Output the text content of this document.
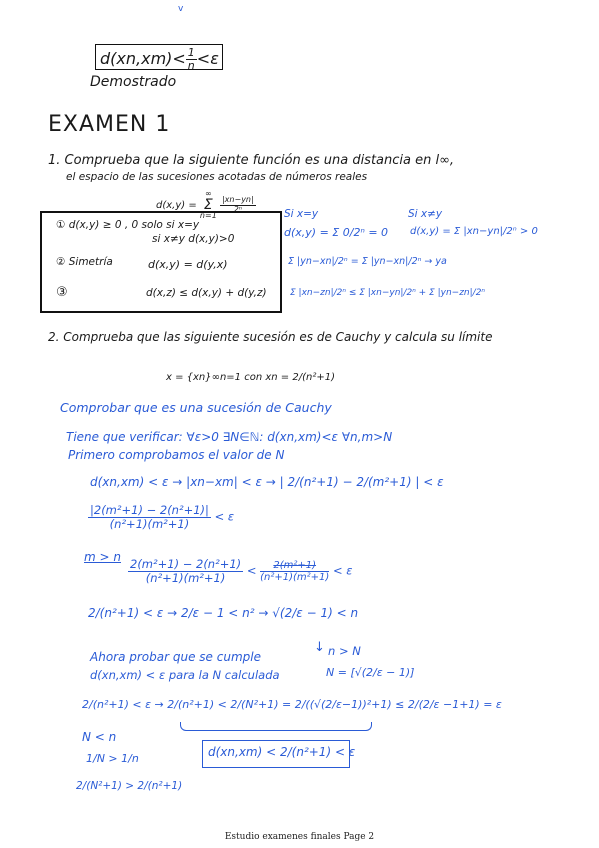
v
$d(xn,xm)< \frac{1}{n} <\varepsilon$
Demostrado
EXAMEN 1
1. Comprueba que la siguiente función es una distancia en l∞,
el espacio de las sucesiones acotadas de números reales
d(x,y) =
∞
Σ
n=1

$\frac{|xn-yn|}{\text{2ⁿ}}$
① d(x,y) ≥ 0 , 0 solo si x=y
si x≠y d(x,y)>0
② Simetría	d(x,y) = d(y,x)
③	d(x,z) ≤ d(x,y) + d(y,z)
Si x=y	Si x≠y
d(x,y) = Σ 0/2ⁿ = 0 d(x,y) = Σ |xn−yn|/2ⁿ > 0
Σ |yn−xn|/2ⁿ = Σ |yn−xn|/2ⁿ → ya
Σ |xn−zn|/2ⁿ ≤ Σ |xn−yn|/2ⁿ + Σ |yn−zn|/2ⁿ
2. Comprueba que las siguiente sucesión es de Cauchy y calcula su límite
x = {xn}∞n=1 con xn = 2/(n²+1)
Comprobar que es una sucesión de Cauchy
Tiene que verificar: ∀ε>0 ∃N∈ℕ: d(xn,xm)<ε ∀n,m>N
Primero comprobamos el valor de N
d(xn,xm) < ε → |xn−xm| < ε → | 2/(n²+1) − 2/(m²+1) | < ε
$\frac{\text{|2(m²+1) − 2(n²+1)|}}{\text{(n²+1)(m²+1)}} < \varepsilon$
m > n
$\frac{\text{2(m²+1) − 2(n²+1)}}{\text{(n²+1)(m²+1)}} < \frac{\text{2(m²+1)}}{\text{(n²+1)(m²+1)}} < \varepsilon$
2/(n²+1) < ε → 2/ε − 1 < n² → √(2/ε − 1) < n
↓
Ahora probar que se cumple	n > N
d(xn,xm) < ε para la N calculada	N = [√(2/ε − 1)]
2/(n²+1) < ε → 2/(n²+1) < 2/(N²+1) = 2/((√(2/ε−1))²+1) ≤ 2/(2/ε −1+1) = ε
N < n
1/N > 1/n
2/(N²+1) > 2/(n²+1)
d(xn,xm) < 2/(n²+1) < ε
Estudio examenes finales Page 2
